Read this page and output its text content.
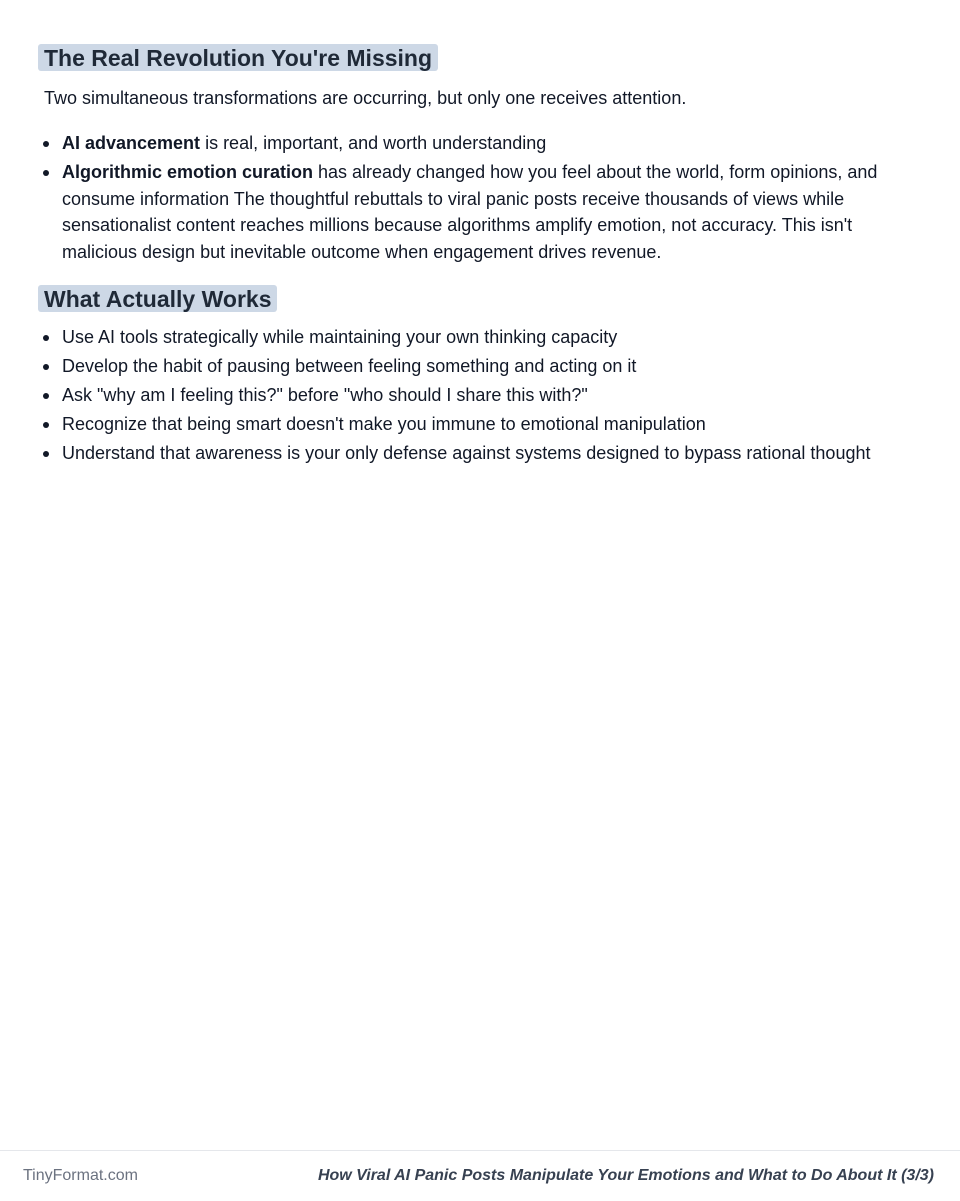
The Real Revolution You're Missing

Two simultaneous transformations are occurring, but only one receives attention.

AI advancement is real, important, and worth understanding
Algorithmic emotion curation has already changed how you feel about the world, form opinions, and consume information The thoughtful rebuttals to viral panic posts receive thousands of views while sensationalist content reaches millions because algorithms amplify emotion, not accuracy. This isn't malicious design but inevitable outcome when engagement drives revenue.
What Actually Works
Use AI tools strategically while maintaining your own thinking capacity
Develop the habit of pausing between feeling something and acting on it
Ask "why am I feeling this?" before "who should I share this with?"
Recognize that being smart doesn't make you immune to emotional manipulation
Understand that awareness is your only defense against systems designed to bypass rational thought
TinyFormat.com	How Viral AI Panic Posts Manipulate Your Emotions and What to Do About It (3/3)
